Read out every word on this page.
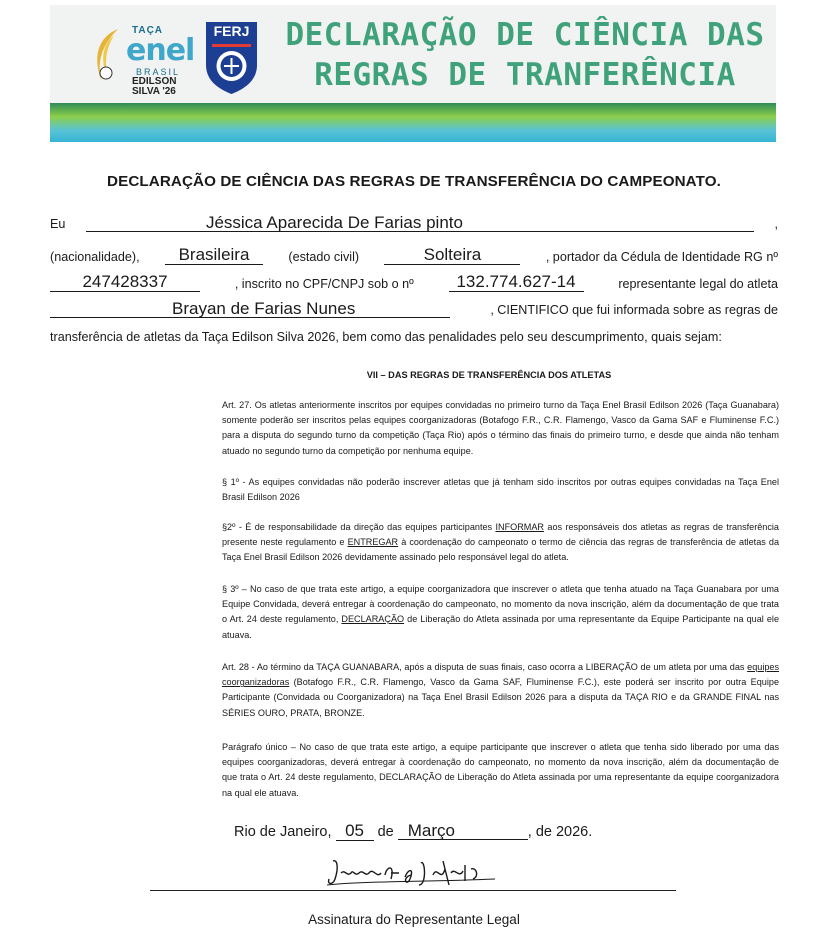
TAÇA
enel
BRASIL
EDILSON
SILVA '26
FERJ	DECLARAÇÃO DE CIÊNCIA DAS
REGRAS DE TRANFERÊNCIA
DECLARAÇÃO DE CIÊNCIA DAS REGRAS DE TRANSFERÊNCIA DO CAMPEONATO.
Eu	Jéssica Aparecida De Farias pinto	,
(nacionalidade),	Brasileira	(estado civil)	Solteira	, portador da Cédula de Identidade RG nº
247428337	, inscrito no CPF/CNPJ sob o nº	132.774.627-14	representante legal do atleta
Brayan de Farias Nunes	, CIENTIFICO que fui informada sobre as regras de
transferência de atletas da Taça Edilson Silva 2026, bem como das penalidades pelo seu descumprimento, quais sejam:
VII – DAS REGRAS DE TRANSFERÊNCIA DOS ATLETAS
Art. 27. Os atletas anteriormente inscritos por equipes convidadas no primeiro turno da Taça Enel Brasil Edilson 2026 (Taça Guanabara) somente poderão ser inscritos pelas equipes coorganizadoras (Botafogo F.R., C.R. Flamengo, Vasco da Gama SAF e Fluminense F.C.) para a disputa do segundo turno da competição (Taça Rio) após o término das finais do primeiro turno, e desde que ainda não tenham atuado no segundo turno da competição por nenhuma equipe.
§ 1º - As equipes convidadas não poderão inscrever atletas que já tenham sido inscritos por outras equipes convidadas na Taça Enel Brasil Edilson 2026
§2º - É de responsabilidade da direção das equipes participantes INFORMAR aos responsáveis dos atletas as regras de transferência presente neste regulamento e ENTREGAR à coordenação do campeonato o termo de ciência das regras de transferência de atletas da Taça Enel Brasil Edilson 2026 devidamente assinado pelo responsável legal do atleta.
§ 3º – No caso de que trata este artigo, a equipe coorganizadora que inscrever o atleta que tenha atuado na Taça Guanabara por uma Equipe Convidada, deverá entregar à coordenação do campeonato, no momento da nova inscrição, além da documentação de que trata o Art. 24 deste regulamento, DECLARAÇÃO de Liberação do Atleta assinada por uma representante da Equipe Participante na qual ele atuava.
Art. 28 - Ao término da TAÇA GUANABARA, após a disputa de suas finais, caso ocorra a LIBERAÇÃO de um atleta por uma das equipes coorganizadoras (Botafogo F.R., C.R. Flamengo, Vasco da Gama SAF, Fluminense F.C.), este poderá ser inscrito por outra Equipe Participante (Convidada ou Coorganizadora) na Taça Enel Brasil Edilson 2026 para a disputa da TAÇA RIO e da GRANDE FINAL nas SÉRIES OURO, PRATA, BRONZE.
Parágrafo único – No caso de que trata este artigo, a equipe participante que inscrever o atleta que tenha sido liberado por uma das equipes coorganizadoras, deverá entregar à coordenação do campeonato, no momento da nova inscrição, além da documentação de que trata o Art. 24 deste regulamento, DECLARAÇÃO de Liberação do Atleta assinada por uma representante da equipe coorganizadora na qual ele atuava.
Rio de Janeiro, 05 de Março	, de 2026.
Assinatura do Representante Legal
